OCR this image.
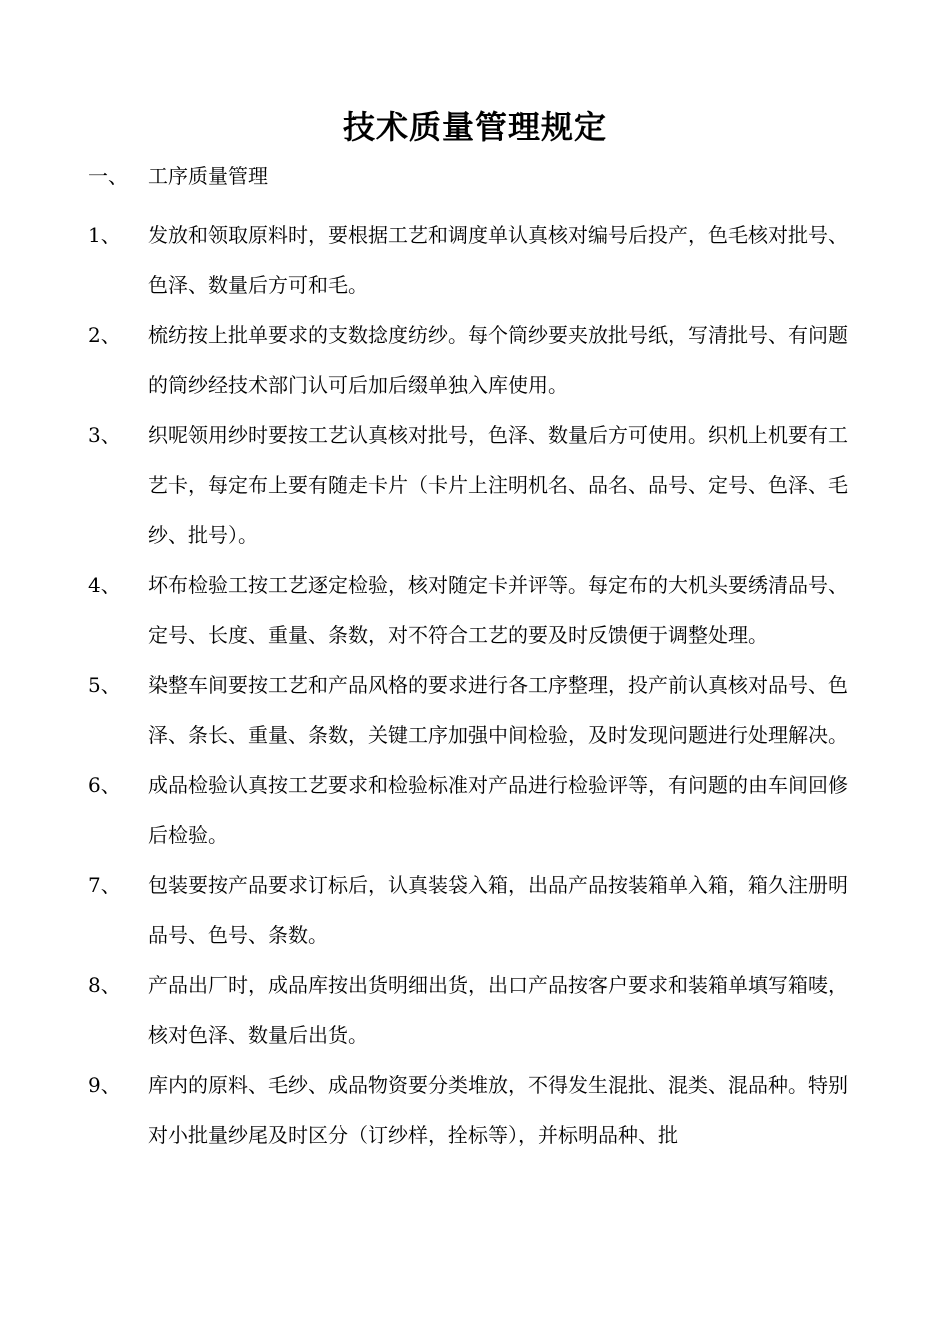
技术质量管理规定
一、	工序质量管理
1、	发放和领取原料时，要根据工艺和调度单认真核对编号后投产，色毛核对批号、色泽、数量后方可和毛。
2、	梳纺按上批单要求的支数捻度纺纱。每个筒纱要夹放批号纸，写清批号、有问题的筒纱经技术部门认可后加后缀单独入库使用。
3、	织呢领用纱时要按工艺认真核对批号，色泽、数量后方可使用。织机上机要有工艺卡，每定布上要有随走卡片（卡片上注明机名、品名、品号、定号、色泽、毛纱、批号）。
4、	坏布检验工按工艺逐定检验，核对随定卡并评等。每定布的大机头要绣清品号、定号、长度、重量、条数，对不符合工艺的要及时反馈便于调整处理。
5、	染整车间要按工艺和产品风格的要求进行各工序整理，投产前认真核对品号、色泽、条长、重量、条数，关键工序加强中间检验，及时发现问题进行处理解决。
6、	成品检验认真按工艺要求和检验标准对产品进行检验评等，有问题的由车间回修后检验。
7、	包装要按产品要求订标后，认真装袋入箱，出品产品按装箱单入箱，箱久注册明品号、色号、条数。
8、	产品出厂时，成品库按出货明细出货，出口产品按客户要求和装箱单填写箱唛，核对色泽、数量后出货。
9、	库内的原料、毛纱、成品物资要分类堆放，不得发生混批、混类、混品种。特别对小批量纱尾及时区分（订纱样，拴标等），并标明品种、批
